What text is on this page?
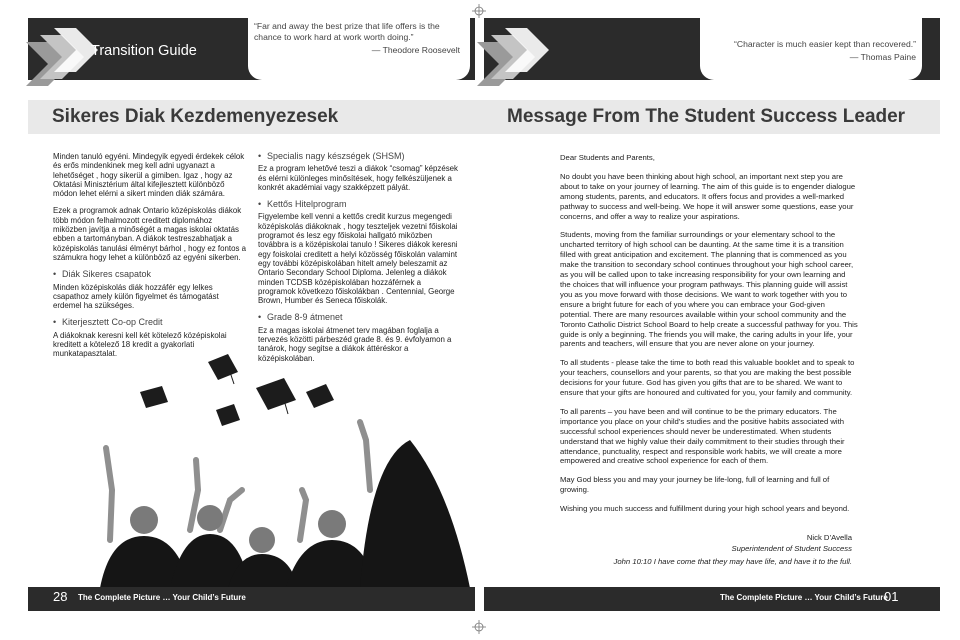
Transition Guide
“Far and away the best prize that life offers is the chance to work hard at work worth doing.”
— Theodore Roosevelt
“Character is much easier kept than recovered.”
— Thomas Paine
Sikeres Diak Kezdemenyezesek	Message From The Student Success Leader

Minden tanuló egyéni. Mindegyik egyedi érdekek célok és erős mindenkinek meg kell adni ugyanazt a lehetőséget , hogy sikerül a gimiben. Igaz , hogy az Oktatási Minisztérium által kifejlesztett különböző módon lehet elérni a sikert minden diák számára.

Ezek a programok adnak Ontario középiskolás diákok több módon felhalmozott creditett diplomához miközben javítja a minőségét a magas iskolai oktatás ebben a tartományban. A diákok testreszabhatjak a középiskolás tanulási élményt bárhol , hogy ez fontos a számukra hogy lehet a különböző az egyéni sikerben.

• Diák Sikeres csapatok

Minden középiskolás diák hozzáfér egy lelkes csapathoz amely külön figyelmet és támogatást erdemel ha szükséges.

• Kiterjesztett Co-op Credit

A diákoknak keresni kell két kötelező középiskolai kreditett a kötelező 18 kredit a gyakorlati munkatapasztalat.

• Specialis nagy készségek (SHSM)

Ez a program lehetővé teszi a diákok “csomag” képzések és elérni különleges minősítések, hogy felkészüljenek a konkrét akadémiai vagy szakképzett pályát.

• Kettős Hitelprogram

Figyelembe kell venni a kettős credit kurzus megengedi középiskolás diákoknak , hogy teszteljek vezetni főiskolai programot és lesz egy főiskolai hallgató miközben továbbra is a középiskolai tanulo ! Sikeres diákok keresni egy foiskolai creditett a helyi közösség főiskolán valamint egy további középiskolában hitelt amely beleszamit az Ontario Secondary School Diploma. Jelenleg a diákok minden TCDSB középiskolában hozzáférnek a programok következo főiskolákban . Centennial, George Brown, Humber és Seneca főiskolák.

• Grade 8-9 átmenet

Ez a magas iskolai átmenet terv magában foglalja a tervezés közötti párbeszéd grade 8. és 9. évfolyamon a tanárok, hogy segitse a diákok áttéréskor a középiskolában.

Dear Students and Parents,

No doubt you have been thinking about high school, an important next step you are about to take on your journey of learning. The aim of this guide is to engender dialogue among students, parents, and educators. It offers focus and provides a well-marked pathway to success and well-being. We hope it will answer some questions, ease your concerns, and offer a way to realize your aspirations.

Students, moving from the familiar surroundings or your elementary school to the uncharted territory of high school can be daunting. At the same time it is a transition filled with great anticipation and excitement. The planning that is commenced as you make the transition to secondary school continues throughout your high school career, as you will be called upon to take increasing responsibility for your own learning and the choices that will influence your program pathways. This planning guide will assist you as you move forward with those decisions. We want to work together with you to ensure a bright future for each of you where you can embrace your God-given potential. There are many resources available within your school community and the Toronto Catholic District School Board to help create a successful pathway for you. This guide is only a beginning. The friends you will make, the caring adults in your life, your parents and teachers, will ensure that you are never alone on your journey.

To all students - please take the time to both read this valuable booklet and to speak to your teachers, counsellors and your parents, so that you are making the best possible decisions for your future. God has given you gifts that are to be shared. We want to ensure that your gifts are honoured and cultivated for you, your family and community.

To all parents – you have been and will continue to be the primary educators. The importance you place on your child’s studies and the positive habits associated with successful school experiences should never be underestimated. When students understand that we highly value their daily commitment to their studies through their attendance, punctuality, respect and responsible work habits, we will create a more empowered and creative school experience for each of them.

May God bless you and may your journey be life-long, full of learning and full of growing.

Wishing you much success and fulfillment during your high school years and beyond.

Nick D’Avella
Superintendent of Student Success
John 10:10 I have come that they may have life, and have it to the full.
28 The Complete Picture … Your Child’s Future	The Complete Picture … Your Child’s Future
01
